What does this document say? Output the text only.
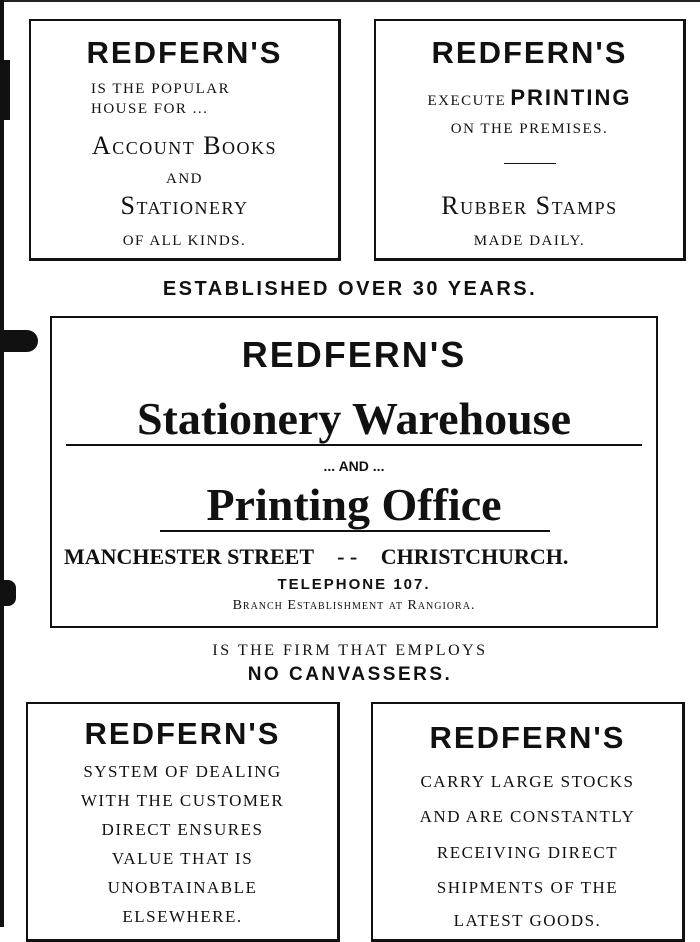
REDFERN'S
IS THE POPULAR
HOUSE FOR ...
Account Books
AND
Stationery
OF ALL KINDS.
REDFERN'S
EXECUTE PRINTING
ON THE PREMISES.
Rubber Stamps
MADE DAILY.
ESTABLISHED OVER 30 YEARS.
REDFERN'S
Stationery Warehouse
... AND ...
Printing Office
MANCHESTER STREET - - CHRISTCHURCH.
TELEPHONE 107.
Branch Establishment at Rangiora.
IS THE FIRM THAT EMPLOYS
NO CANVASSERS.
REDFERN'S
SYSTEM OF DEALING
WITH THE CUSTOMER
DIRECT ENSURES
VALUE THAT IS
UNOBTAINABLE
ELSEWHERE.
REDFERN'S
CARRY LARGE STOCKS
AND ARE CONSTANTLY
RECEIVING DIRECT
SHIPMENTS OF THE
LATEST GOODS.
